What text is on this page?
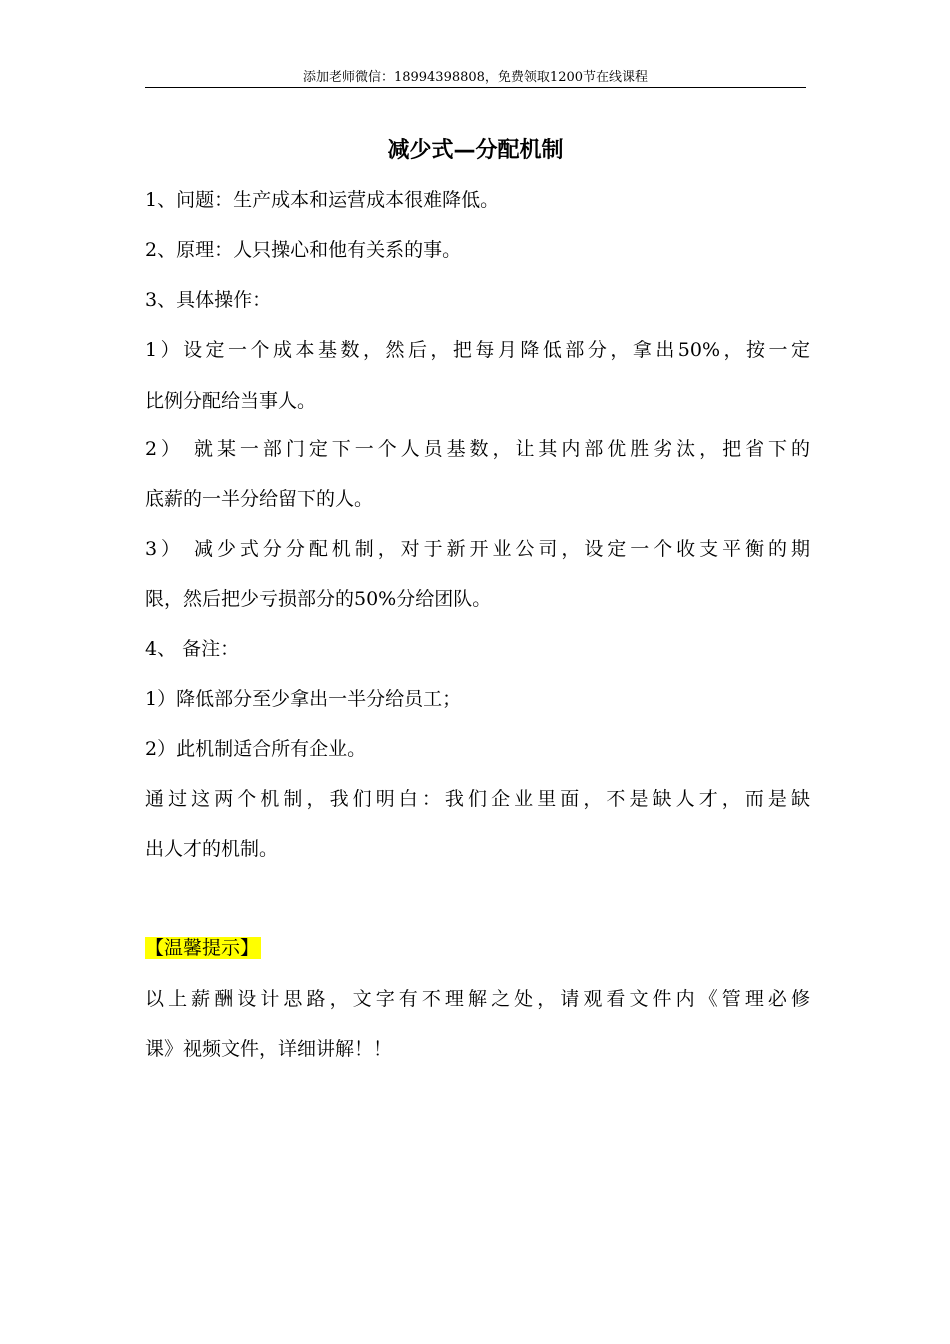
添加老师微信：18994398808，免费领取1200节在线课程
减少式—分配机制
1、问题：生产成本和运营成本很难降低。
2、原理：人只操心和他有关系的事。
3、具体操作：
1）设定一个成本基数，然后，把每月降低部分，拿出50%，按一定
比例分配给当事人。
2） 就某一部门定下一个人员基数，让其内部优胜劣汰，把省下的
底薪的一半分给留下的人。
3） 减少式分分配机制，对于新开业公司，设定一个收支平衡的期
限，然后把少亏损部分的50%分给团队。
4、 备注：
1）降低部分至少拿出一半分给员工；
2）此机制适合所有企业。
通过这两个机制，我们明白：我们企业里面，不是缺人才，而是缺
出人才的机制。
【温馨提示】
以上薪酬设计思路，文字有不理解之处，请观看文件内《管理必修
课》视频文件，详细讲解！！
